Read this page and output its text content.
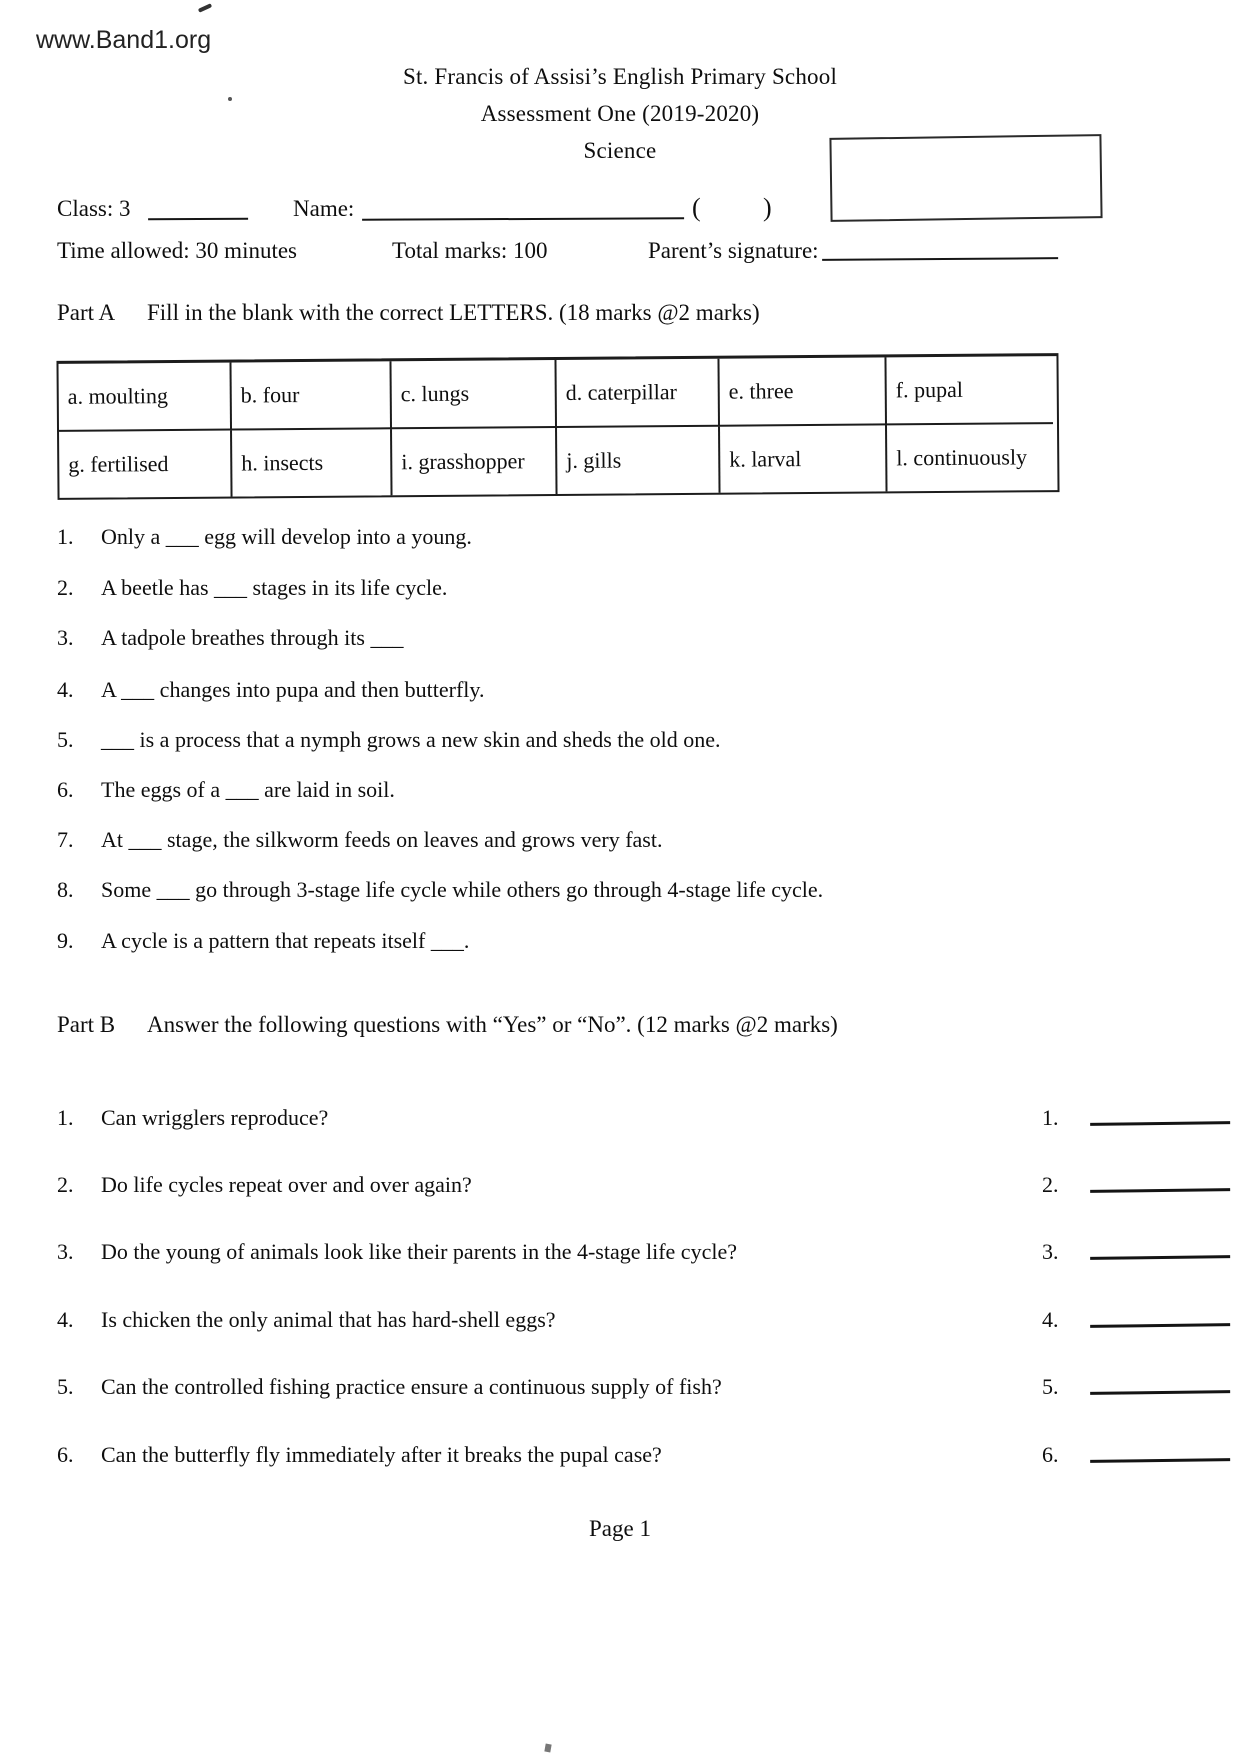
www.Band1.org
St. Francis of Assisi’s English Primary School
Assessment One (2019-2020)
Science
Class: 3	Name:	( )
Time allowed: 30 minutes	Total marks: 100	Parent’s signature:
Part A	Fill in the blank with the correct LETTERS. (18 marks @2 marks)
a. moulting	b. four	c. lungs	d. caterpillar	e. three	f. pupal
g. fertilised	h. insects	i. grasshopper	j. gills	k. larval	l. continuously
1.	Only a ___ egg will develop into a young.
2.	A beetle has ___ stages in its life cycle.
3.	A tadpole breathes through its ___
4.	A ___ changes into pupa and then butterfly.
5.	___ is a process that a nymph grows a new skin and sheds the old one.
6.	The eggs of a ___ are laid in soil.
7.	At ___ stage, the silkworm feeds on leaves and grows very fast.
8.	Some ___ go through 3-stage life cycle while others go through 4-stage life cycle.
9.	A cycle is a pattern that repeats itself ___.
Part B	Answer the following questions with “Yes” or “No”. (12 marks @2 marks)
1.	Can wrigglers reproduce?	1.
2.	Do life cycles repeat over and over again?	2.
3.	Do the young of animals look like their parents in the 4-stage life cycle?	3.
4.	Is chicken the only animal that has hard-shell eggs?	4.
5.	Can the controlled fishing practice ensure a continuous supply of fish?	5.
6.	Can the butterfly fly immediately after it breaks the pupal case?	6.
Page 1
